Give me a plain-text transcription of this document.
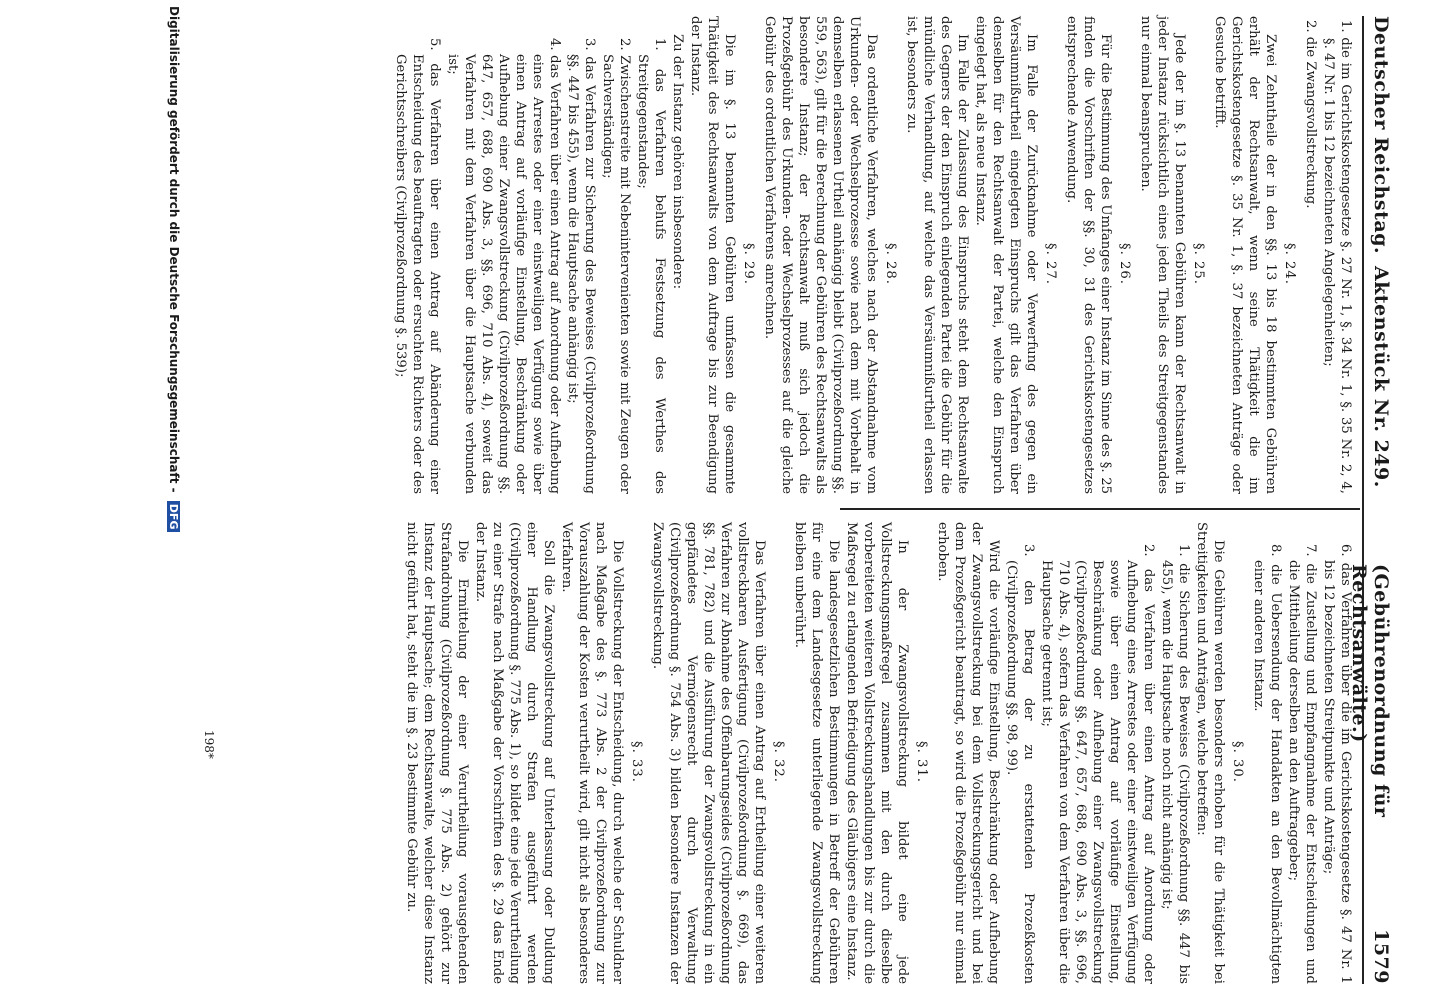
Deutscher Reichstag.
(Gebührenordnung für Rechtsanwälte.)
1579
Aktenstück Nr. 249.

1. die im Gerichtskostengesetze §. 27 Nr. 1, §. 34 Nr. 1, §. 35 Nr. 2, 4, §. 47 Nr. 1 bis 12 bezeichneten Angelegenheiten;

2. die Zwangsvollstreckung.

§. 24.

Zwei Zehntheile der in den §§. 13 bis 18 bestimmten Gebühren erhält der Rechtsanwalt, wenn seine Thätigkeit die im Gerichtskostengesetze §. 35 Nr. 1, §. 37 bezeichneten Anträge oder Gesuche betrifft.

§. 25.

Jede der im §. 13 benannten Gebühren kann der Rechtsanwalt in jeder Instanz rücksichtlich eines jeden Theils des Streitgegenstandes nur einmal beanspruchen.

§. 26.

Für die Bestimmung des Umfanges einer Instanz im Sinne des §. 25 finden die Vorschriften der §§. 30, 31 des Gerichtskostengesetzes entsprechende Anwendung.

§. 27.

Im Falle der Zurücknahme oder Verwerfung des gegen ein Versäumnißurtheil eingelegten Einspruchs gilt das Verfahren über denselben für den Rechtsanwalt der Partei, welche den Einspruch eingelegt hat, als neue Instanz.

Im Falle der Zulassung des Einspruchs steht dem Rechtsanwalte des Gegners der den Einspruch einlegenden Partei die Gebühr für die mündliche Verhandlung, auf welche das Versäumnißurtheil erlassen ist, besonders zu.

§. 28.

Das ordentliche Verfahren, welches nach der Abstandnahme vom Urkunden- oder Wechselprozesse sowie nach dem mit Vorbehalt in demselben erlassenen Urtheil anhängig bleibt (Civilprozeßordnung §§. 559, 563), gilt für die Berechnung der Gebühren des Rechtsanwalts als besondere Instanz; der Rechtsanwalt muß sich jedoch die Prozeßgebühr des Urkunden- oder Wechselprozesses auf die gleiche Gebühr des ordentlichen Verfahrens anrechnen.

§. 29.

Die im §. 13 benannten Gebühren umfassen die gesammte Thätigkeit des Rechtsanwalts von dem Auftrage bis zur Beendigung der Instanz.

Zu der Instanz gehören insbesondere:

1. das Verfahren behufs Festsetzung des Werthes des Streitgegenstandes;

2. Zwischenstreite mit Nebenintervenienten sowie mit Zeugen oder Sachverständigen;

3. das Verfahren zur Sicherung des Beweises (Civilprozeßordnung §§. 447 bis 455), wenn die Hauptsache anhängig ist;

4. das Verfahren über einen Antrag auf Anordnung oder Aufhebung eines Arrestes oder einer einstweiligen Verfügung sowie über einen Antrag auf vorläufige Einstellung, Beschränkung oder Aufhebung einer Zwangsvollstreckung (Civilprozeßordnung §§. 647, 657, 688, 690 Abs. 3, §§. 696, 710 Abs. 4), soweit das Verfahren mit dem Verfahren über die Hauptsache verbunden ist;

5. das Verfahren über einen Antrag auf Abänderung einer Entscheidung des beauftragten oder ersuchten Richters oder des Gerichtsschreibers (Civilprozeßordnung §. 539);

6. das Verfahren über die im Gerichtskostengesetze §. 47 Nr. 1 bis 12 bezeichneten Streitpunkte und Anträge;

7. die Zustellung und Empfangnahme der Entscheidungen und die Mittheilung derselben an den Auftraggeber;

8. die Uebersendung der Handakten an den Bevollmächtigten einer anderen Instanz.

§. 30.

Die Gebühren werden besonders erhoben für die Thätigkeit bei Streitigkeiten und Anträgen, welche betreffen:

1. die Sicherung des Beweises (Civilprozeßordnung §§. 447 bis 455), wenn die Hauptsache noch nicht anhängig ist;

2. das Verfahren über einen Antrag auf Anordnung oder Aufhebung eines Arrestes oder einer einstweiligen Verfügung sowie über einen Antrag auf vorläufige Einstellung, Beschränkung oder Aufhebung einer Zwangsvollstreckung (Civilprozeßordnung §§. 647, 657, 688, 690 Abs. 3, §§. 696, 710 Abs. 4), sofern das Verfahren von dem Verfahren über die Hauptsache getrennt ist;

3. den Betrag der zu erstattenden Prozeßkosten (Civilprozeßordnung §§. 98, 99).

Wird die vorläufige Einstellung, Beschränkung oder Aufhebung der Zwangsvollstreckung bei dem Vollstreckungsgericht und bei dem Prozeßgericht beantragt, so wird die Prozeßgebühr nur einmal erhoben.

§. 31.

In der Zwangsvollstreckung bildet eine jede Vollstreckungsmaßregel zusammen mit den durch dieselbe vorbereiteten weiteren Vollstreckungshandlungen bis zur durch die Maßregel zu erlangenden Befriedigung des Gläubigers eine Instanz.

Die landesgesetzlichen Bestimmungen in Betreff der Gebühren für eine dem Landesgesetze unterliegende Zwangsvollstreckung bleiben unberührt.

§. 32.

Das Verfahren über einen Antrag auf Ertheilung einer weiteren vollstreckbaren Ausfertigung (Civilprozeßordnung §. 669), das Verfahren zur Abnahme des Offenbarungseides (Civilprozeßordnung §§. 781, 782) und die Ausführung der Zwangsvollstreckung in ein gepfändetes Vermögensrecht durch Verwaltung (Civilprozeßordnung §. 754 Abs. 3) bilden besondere Instanzen der Zwangsvollstreckung.

§. 33.

Die Vollstreckung der Entscheidung, durch welche der Schuldner nach Maßgabe des §. 773 Abs. 2 der Civilprozeßordnung zur Vorauszahlung der Kosten verurtheilt wird, gilt nicht als besonderes Verfahren.

Soll die Zwangsvollstreckung auf Unterlassung oder Duldung einer Handlung durch Strafen ausgeführt werden (Civilprozeßordnung §. 775 Abs. 1), so bildet eine jede Verurtheilung zu einer Strafe nach Maßgabe der Vorschriften des §. 29 das Ende der Instanz.

Die Ermittelung der einer Verurtheilung vorausgehenden Strafandrohung (Civilprozeßordnung §. 775 Abs. 2) gehört zur Instanz der Hauptsache; dem Rechtsanwalte, welcher diese Instanz nicht geführt hat, steht die im §. 23 bestimmte Gebühr zu.

198*
Digitalisierung gefördert durch die Deutsche Forschungsgemeinschaft - DFG
